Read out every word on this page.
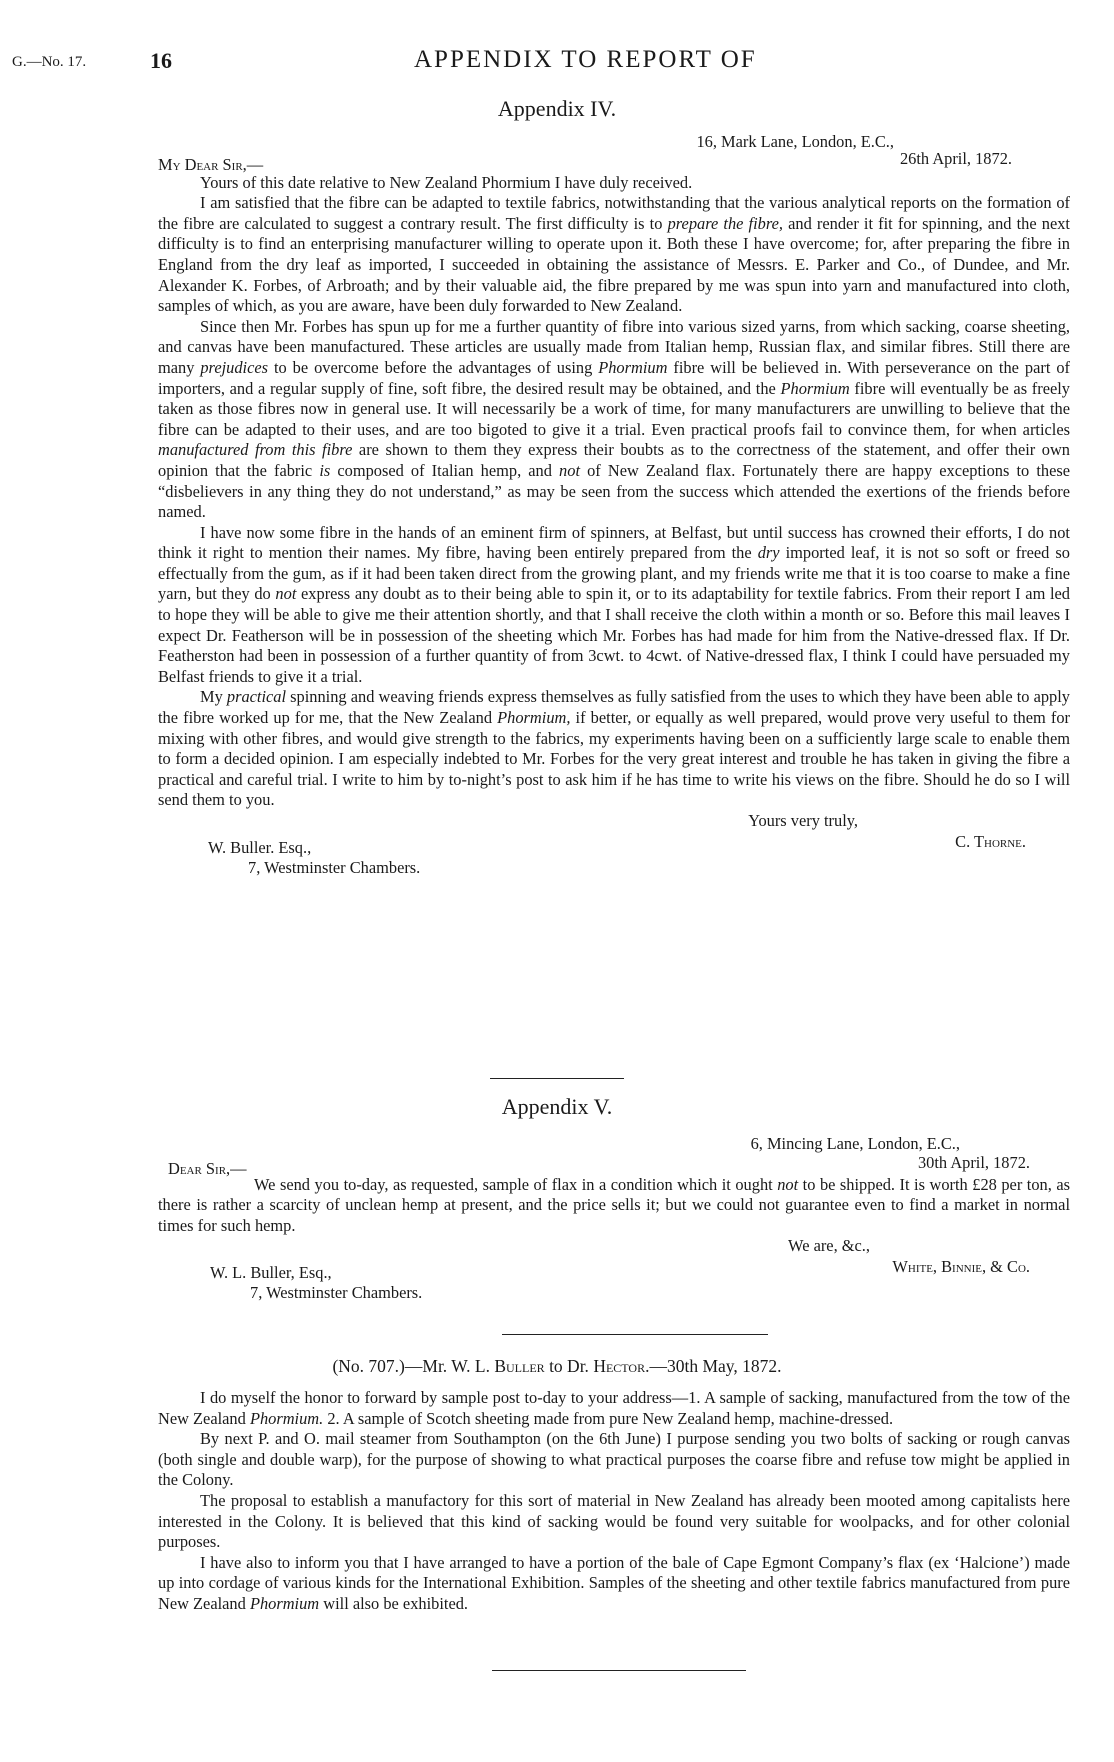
G.—No. 17.	16	APPENDIX TO REPORT OF
Appendix IV.

16, Mark Lane, London, E.C.,

My Dear Sir,—	26th April, 1872.

Yours of this date relative to New Zealand Phormium I have duly received.

I am satisfied that the fibre can be adapted to textile fabrics, notwithstanding that the various analytical reports on the formation of the fibre are calculated to suggest a contrary result. The first difficulty is to prepare the fibre, and render it fit for spinning, and the next difficulty is to find an enterprising manufacturer willing to operate upon it. Both these I have overcome; for, after preparing the fibre in England from the dry leaf as imported, I succeeded in obtaining the assistance of Messrs. E. Parker and Co., of Dundee, and Mr. Alexander K. Forbes, of Arbroath; and by their valuable aid, the fibre prepared by me was spun into yarn and manufactured into cloth, samples of which, as you are aware, have been duly forwarded to New Zealand.

Since then Mr. Forbes has spun up for me a further quantity of fibre into various sized yarns, from which sacking, coarse sheeting, and canvas have been manufactured. These articles are usually made from Italian hemp, Russian flax, and similar fibres. Still there are many prejudices to be overcome before the advantages of using Phormium fibre will be believed in. With perseverance on the part of importers, and a regular supply of fine, soft fibre, the desired result may be obtained, and the Phormium fibre will eventually be as freely taken as those fibres now in general use. It will necessarily be a work of time, for many manufacturers are unwilling to believe that the fibre can be adapted to their uses, and are too bigoted to give it a trial. Even practical proofs fail to convince them, for when articles manufactured from this fibre are shown to them they express their boubts as to the correctness of the statement, and offer their own opinion that the fabric is composed of Italian hemp, and not of New Zealand flax. Fortunately there are happy exceptions to these “disbelievers in any thing they do not understand,” as may be seen from the success which attended the exertions of the friends before named.

I have now some fibre in the hands of an eminent firm of spinners, at Belfast, but until success has crowned their efforts, I do not think it right to mention their names. My fibre, having been entirely prepared from the dry imported leaf, it is not so soft or freed so effectually from the gum, as if it had been taken direct from the growing plant, and my friends write me that it is too coarse to make a fine yarn, but they do not express any doubt as to their being able to spin it, or to its adaptability for textile fabrics. From their report I am led to hope they will be able to give me their attention shortly, and that I shall receive the cloth within a month or so. Before this mail leaves I expect Dr. Featherson will be in possession of the sheeting which Mr. Forbes has had made for him from the Native-dressed flax. If Dr. Featherston had been in possession of a further quantity of from 3cwt. to 4cwt. of Native-dressed flax, I think I could have persuaded my Belfast friends to give it a trial.

My practical spinning and weaving friends express themselves as fully satisfied from the uses to which they have been able to apply the fibre worked up for me, that the New Zealand Phormium, if better, or equally as well prepared, would prove very useful to them for mixing with other fibres, and would give strength to the fabrics, my experiments having been on a sufficiently large scale to enable them to form a decided opinion. I am especially indebted to Mr. Forbes for the very great interest and trouble he has taken in giving the fibre a practical and careful trial. I write to him by to-night’s post to ask him if he has time to write his views on the fibre. Should he do so I will send them to you.

Yours very truly,

W. Buller. Esq.,	C. Thorne.

7, Westminster Chambers.

Appendix V.

6, Mincing Lane, London, E.C.,

Dear Sir,—	30th April, 1872.

We send you to-day, as requested, sample of flax in a condition which it ought not to be shipped. It is worth £28 per ton, as there is rather a scarcity of unclean hemp at present, and the price sells it; but we could not guarantee even to find a market in normal times for such hemp.

We are, &c.,

W. L. Buller, Esq.,	White, Binnie, & Co.

7, Westminster Chambers.

(No. 707.)—Mr. W. L. Buller to Dr. Hector.—30th May, 1872.

I do myself the honor to forward by sample post to-day to your address—1. A sample of sacking, manufactured from the tow of the New Zealand Phormium. 2. A sample of Scotch sheeting made from pure New Zealand hemp, machine-dressed.

By next P. and O. mail steamer from Southampton (on the 6th June) I purpose sending you two bolts of sacking or rough canvas (both single and double warp), for the purpose of showing to what practical purposes the coarse fibre and refuse tow might be applied in the Colony.

The proposal to establish a manufactory for this sort of material in New Zealand has already been mooted among capitalists here interested in the Colony. It is believed that this kind of sacking would be found very suitable for woolpacks, and for other colonial purposes.

I have also to inform you that I have arranged to have a portion of the bale of Cape Egmont Company’s flax (ex ‘Halcione’) made up into cordage of various kinds for the International Exhibition. Samples of the sheeting and other textile fabrics manufactured from pure New Zealand Phormium will also be exhibited.
